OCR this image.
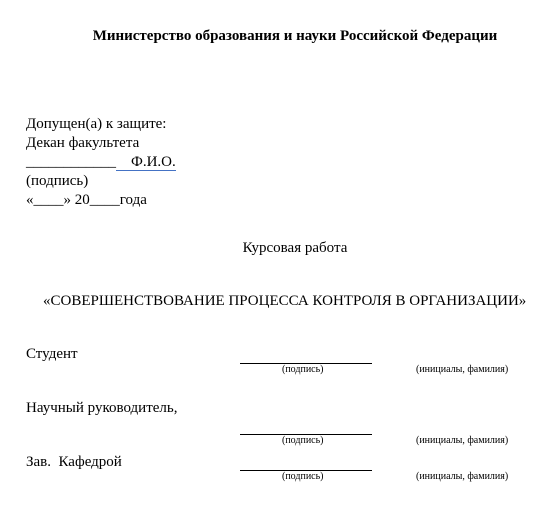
Министерство образования и науки Российской Федерации
Допущен(а) к защите:
Декан факультета
____________ Ф.И.О.
(подпись)
«____» 20____года
Курсовая работа
«СОВЕРШЕНСТВОВАНИЕ ПРОЦЕССА КОНТРОЛЯ В ОРГАНИЗАЦИИ»
Студент
(подпись)	(инициалы, фамилия)
Научный руководитель,
(подпись)	(инициалы, фамилия)
Зав.  Кафедрой
(подпись)	(инициалы, фамилия)
